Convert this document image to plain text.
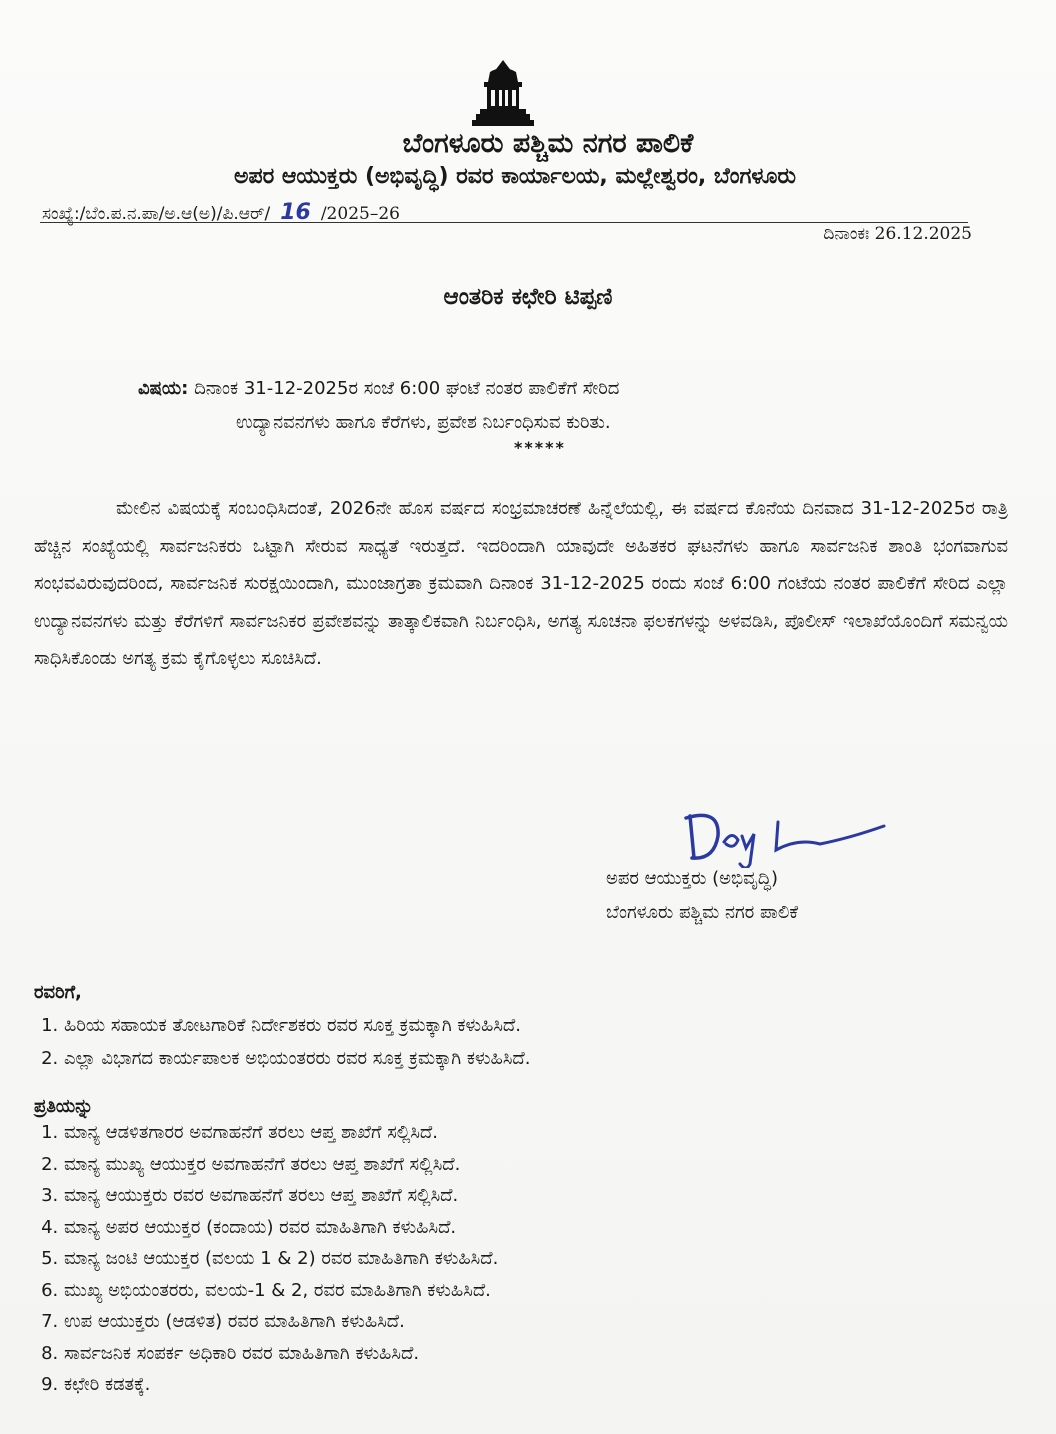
ಬೆಂಗಳೂರು ಪಶ್ಚಿಮ ನಗರ ಪಾಲಿಕೆ
ಅಪರ ಆಯುಕ್ತರು (ಅಭಿವೃದ್ಧಿ) ರವರ ಕಾರ್ಯಾಲಯ, ಮಲ್ಲೇಶ್ವರಂ, ಬೆಂಗಳೂರು
ಸಂಖ್ಯೆ:/ಬೆಂ.ಪ.ನ.ಪಾ/ಅ.ಆ(ಅ)/ಪಿ.ಆರ್/ 16 /2025–26
ದಿನಾಂಕಃ 26.12.2025
ಆಂತರಿಕ ಕಛೇರಿ ಟಿಪ್ಪಣಿ
ವಿಷಯ: ದಿನಾಂಕ 31-12-2025ರ ಸಂಜೆ 6:00 ಘಂಟೆ ನಂತರ ಪಾಲಿಕೆಗೆ ಸೇರಿದ
ಉದ್ಯಾನವನಗಳು ಹಾಗೂ ಕೆರೆಗಳು, ಪ್ರವೇಶ ನಿರ್ಬಂಧಿಸುವ ಕುರಿತು.
*****
ಮೇಲಿನ ವಿಷಯಕ್ಕೆ ಸಂಬಂಧಿಸಿದಂತೆ, 2026ನೇ ಹೊಸ ವರ್ಷದ ಸಂಭ್ರಮಾಚರಣೆ ಹಿನ್ನೆಲೆಯಲ್ಲಿ, ಈ ವರ್ಷದ ಕೊನೆಯ ದಿನವಾದ 31-12-2025ರ ರಾತ್ರಿ ಹೆಚ್ಚಿನ ಸಂಖ್ಯೆಯಲ್ಲಿ ಸಾರ್ವಜನಿಕರು ಒಟ್ಟಾಗಿ ಸೇರುವ ಸಾಧ್ಯತೆ ಇರುತ್ತದೆ. ಇದರಿಂದಾಗಿ ಯಾವುದೇ ಅಹಿತಕರ ಘಟನೆಗಳು ಹಾಗೂ ಸಾರ್ವಜನಿಕ ಶಾಂತಿ ಭಂಗವಾಗುವ ಸಂಭವವಿರುವುದರಿಂದ, ಸಾರ್ವಜನಿಕ ಸುರಕ್ಷಯಿಂದಾಗಿ, ಮುಂಜಾಗ್ರತಾ ಕ್ರಮವಾಗಿ ದಿನಾಂಕ 31-12-2025 ರಂದು ಸಂಜೆ 6:00 ಗಂಟೆಯ ನಂತರ ಪಾಲಿಕೆಗೆ ಸೇರಿದ ಎಲ್ಲಾ ಉದ್ಯಾನವನಗಳು ಮತ್ತು ಕೆರೆಗಳಿಗೆ ಸಾರ್ವಜನಿಕರ ಪ್ರವೇಶವನ್ನು ತಾತ್ಕಾಲಿಕವಾಗಿ ನಿರ್ಬಂಧಿಸಿ, ಅಗತ್ಯ ಸೂಚನಾ ಫಲಕಗಳನ್ನು ಅಳವಡಿಸಿ, ಪೊಲೀಸ್ ಇಲಾಖೆಯೊಂದಿಗೆ ಸಮನ್ವಯ ಸಾಧಿಸಿಕೊಂಡು ಅಗತ್ಯ ಕ್ರಮ ಕೈಗೊಳ್ಳಲು ಸೂಚಿಸಿದೆ.
ಅಪರ ಆಯುಕ್ತರು (ಅಭಿವೃದ್ಧಿ)
ಬೆಂಗಳೂರು ಪಶ್ಚಿಮ ನಗರ ಪಾಲಿಕೆ
ರವರಿಗೆ,
1. ಹಿರಿಯ ಸಹಾಯಕ ತೋಟಗಾರಿಕೆ ನಿರ್ದೇಶಕರು ರವರ ಸೂಕ್ತ ಕ್ರಮಕ್ಕಾಗಿ ಕಳುಹಿಸಿದೆ.
2. ಎಲ್ಲಾ ವಿಭಾಗದ ಕಾರ್ಯಪಾಲಕ ಅಭಿಯಂತರರು ರವರ ಸೂಕ್ತ ಕ್ರಮಕ್ಕಾಗಿ ಕಳುಹಿಸಿದೆ.
ಪ್ರತಿಯನ್ನು
1. ಮಾನ್ಯ ಆಡಳಿತಗಾರರ ಅವಗಾಹನೆಗೆ ತರಲು ಆಪ್ತ ಶಾಖೆಗೆ ಸಲ್ಲಿಸಿದೆ.
2. ಮಾನ್ಯ ಮುಖ್ಯ ಆಯುಕ್ತರ ಅವಗಾಹನೆಗೆ ತರಲು ಆಪ್ತ ಶಾಖೆಗೆ ಸಲ್ಲಿಸಿದೆ.
3. ಮಾನ್ಯ ಆಯುಕ್ತರು ರವರ ಅವಗಾಹನೆಗೆ ತರಲು ಆಪ್ತ ಶಾಖೆಗೆ ಸಲ್ಲಿಸಿದೆ.
4. ಮಾನ್ಯ ಅಪರ ಆಯುಕ್ತರ (ಕಂದಾಯ) ರವರ ಮಾಹಿತಿಗಾಗಿ ಕಳುಹಿಸಿದೆ.
5. ಮಾನ್ಯ ಜಂಟಿ ಆಯುಕ್ತರ (ವಲಯ 1 & 2) ರವರ ಮಾಹಿತಿಗಾಗಿ ಕಳುಹಿಸಿದೆ.
6. ಮುಖ್ಯ ಅಭಿಯಂತರರು, ವಲಯ-1 & 2, ರವರ ಮಾಹಿತಿಗಾಗಿ ಕಳುಹಿಸಿದೆ.
7. ಉಪ ಆಯುಕ್ತರು (ಆಡಳಿತ) ರವರ ಮಾಹಿತಿಗಾಗಿ ಕಳುಹಿಸಿದೆ.
8. ಸಾರ್ವಜನಿಕ ಸಂಪರ್ಕ ಅಧಿಕಾರಿ ರವರ ಮಾಹಿತಿಗಾಗಿ ಕಳುಹಿಸಿದೆ.
9. ಕಛೇರಿ ಕಡತಕ್ಕೆ.
